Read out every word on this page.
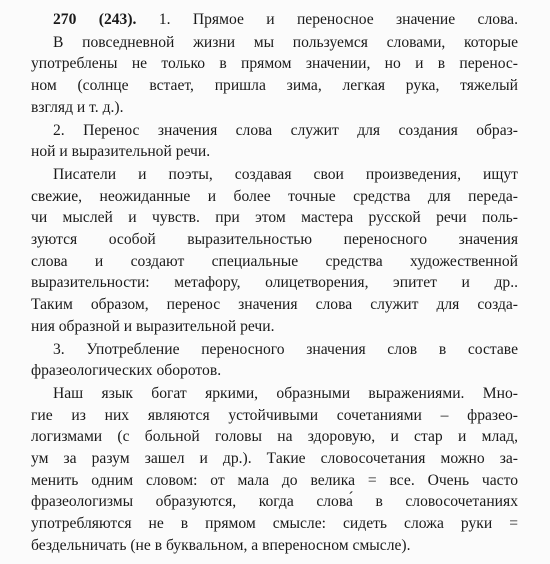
270 (243). 1. Прямое и переносное значение слова.
В повседневной жизни мы пользуемся словами, которые
употреблены не только в прямом значении, но и в перенос-
ном (солнце встает, пришла зима, легкая рука, тяжелый
взгляд и т. д.).
2. Перенос значения слова служит для создания образ-
ной и выразительной речи.
Писатели и поэты, создавая свои произведения, ищут
свежие, неожиданные и более точные средства для переда-
чи мыслей и чувств. при этом мастера русской речи поль-
зуются особой выразительностью переносного значения
слова и создают специальные средства художественной
выразительности: метафору, олицетворения, эпитет и др..
Таким образом, перенос значения слова служит для созда-
ния образной и выразительной речи.
3. Употребление переносного значения слов в составе
фразеологических оборотов.
Наш язык богат яркими, образными выражениями. Мно-
гие из них являются устойчивыми сочетаниями – фразео-
логизмами (с больной головы на здоровую, и стар и млад,
ум за разум зашел и др.). Такие словосочетания можно за-
менить одним словом: от мала до велика = все. Очень часто
фразеологизмы образуются, когда слова́ в словосочетаниях
употребляются не в прямом смысле: сидеть сложа руки =
бездельничать (не в буквальном, а впереносном смысле).
